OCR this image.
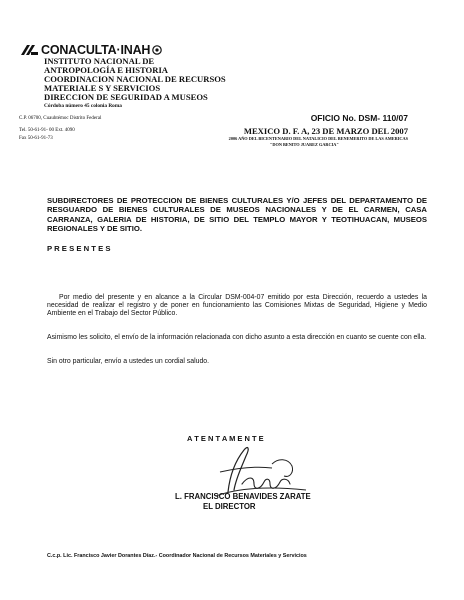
CONACULTA·INAH
INSTITUTO NACIONAL DE
ANTROPOLOGÍA E HISTORIA
COORDINACION NACIONAL DE RECURSOS
MATERIALE S Y SERVICIOS
DIRECCION DE SEGURIDAD A MUSEOS
Córdoba número 45 colonia Roma
C.P. 06700, Cuauhtémoc Distrito Federal
Tel. 50-61-91- 00 Ext. 4090
Fax 50-61-91-73
OFICIO No. DSM- 110/07
MEXICO D. F. A, 23 DE MARZO DEL 2007
2006 AÑO DEL BICENTENARIO DEL NATALICIO DEL BENEMERITO DE LAS AMERICAS
"DON BENITO JUAREZ GARCIA"
SUBDIRECTORES DE PROTECCION DE BIENES CULTURALES Y/O JEFES DEL DEPARTAMENTO DE RESGUARDO DE BIENES CULTURALES DE MUSEOS NACIONALES Y DE EL CARMEN, CASA CARRANZA, GALERIA DE HISTORIA, DE SITIO DEL TEMPLO MAYOR Y TEOTIHUACAN, MUSEOS REGIONALES Y DE SITIO.
P R E S E N T E S
Por medio del presente y en alcance a la Circular DSM-004-07 emitido por esta Dirección, recuerdo a ustedes la necesidad de realizar el registro y de poner en funcionamiento las Comisiones Mixtas de Seguridad, Higiene y Medio Ambiente en el Trabajo del Sector Público.
Asimismo les solicito, el envío de la información relacionada con dicho asunto a esta dirección en cuanto se cuente con ella.
Sin otro particular, envío a ustedes un cordial saludo.
A T E N T A M E N T E
L. FRANCISCO BENAVIDES ZARATE
EL DIRECTOR
C.c.p. Lic. Francisco Javier Dorantes Díaz.- Coordinador Nacional de Recursos Materiales y Servicios
